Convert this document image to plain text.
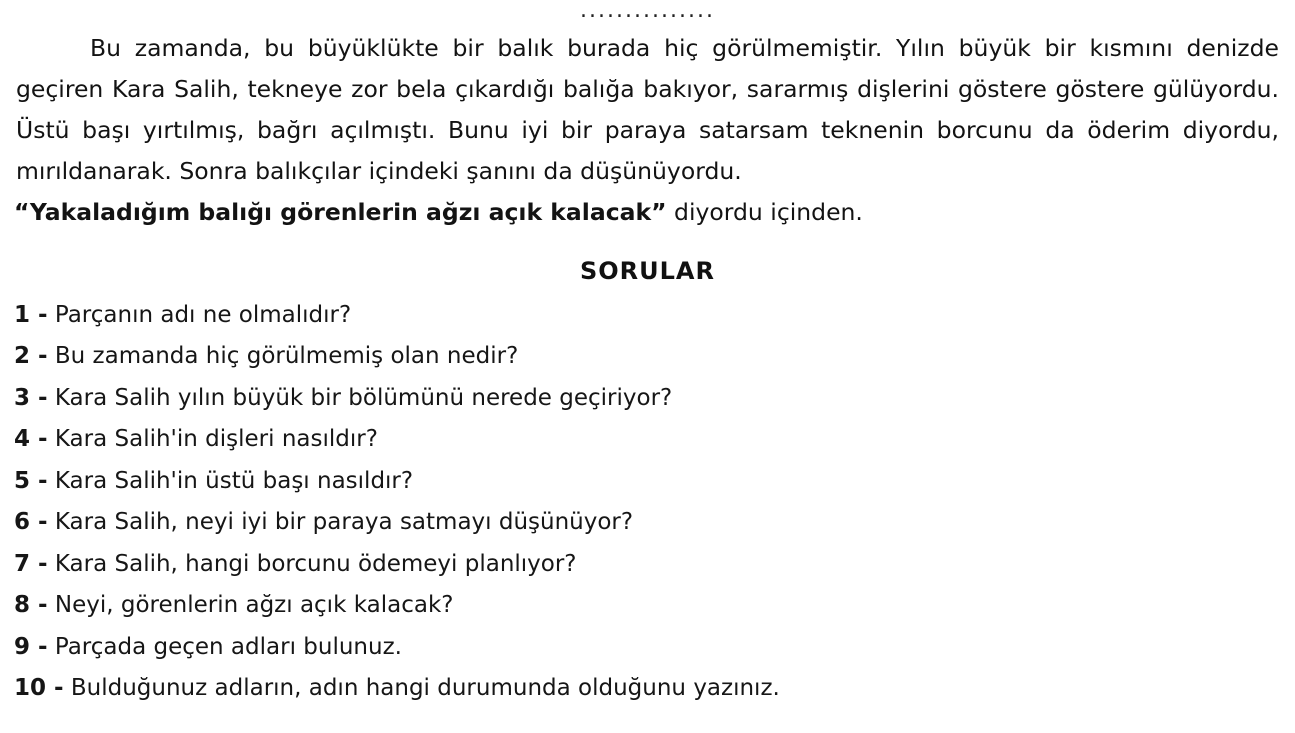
...............

Bu zamanda, bu büyüklükte bir balık burada hiç görülmemiştir. Yılın büyük bir kısmını denizde geçiren Kara Salih, tekneye zor bela çıkardığı balığa bakıyor, sararmış dişlerini göstere göstere gülüyordu. Üstü başı yırtılmış, bağrı açılmıştı. Bunu iyi bir paraya satarsam teknenin borcunu da öderim diyordu, mırıldanarak. Sonra balıkçılar içindeki şanını da düşünüyordu.

“Yakaladığım balığı görenlerin ağzı açık kalacak” diyordu içinden.

SORULAR
1 - Parçanın adı ne olmalıdır?
2 - Bu zamanda hiç görülmemiş olan nedir?
3 - Kara Salih yılın büyük bir bölümünü nerede geçiriyor?
4 - Kara Salih'in dişleri nasıldır?
5 - Kara Salih'in üstü başı nasıldır?
6 - Kara Salih, neyi iyi bir paraya satmayı düşünüyor?
7 - Kara Salih, hangi borcunu ödemeyi planlıyor?
8 - Neyi, görenlerin ağzı açık kalacak?
9 - Parçada geçen adları bulunuz.
10 - Bulduğunuz adların, adın hangi durumunda olduğunu yazınız.
